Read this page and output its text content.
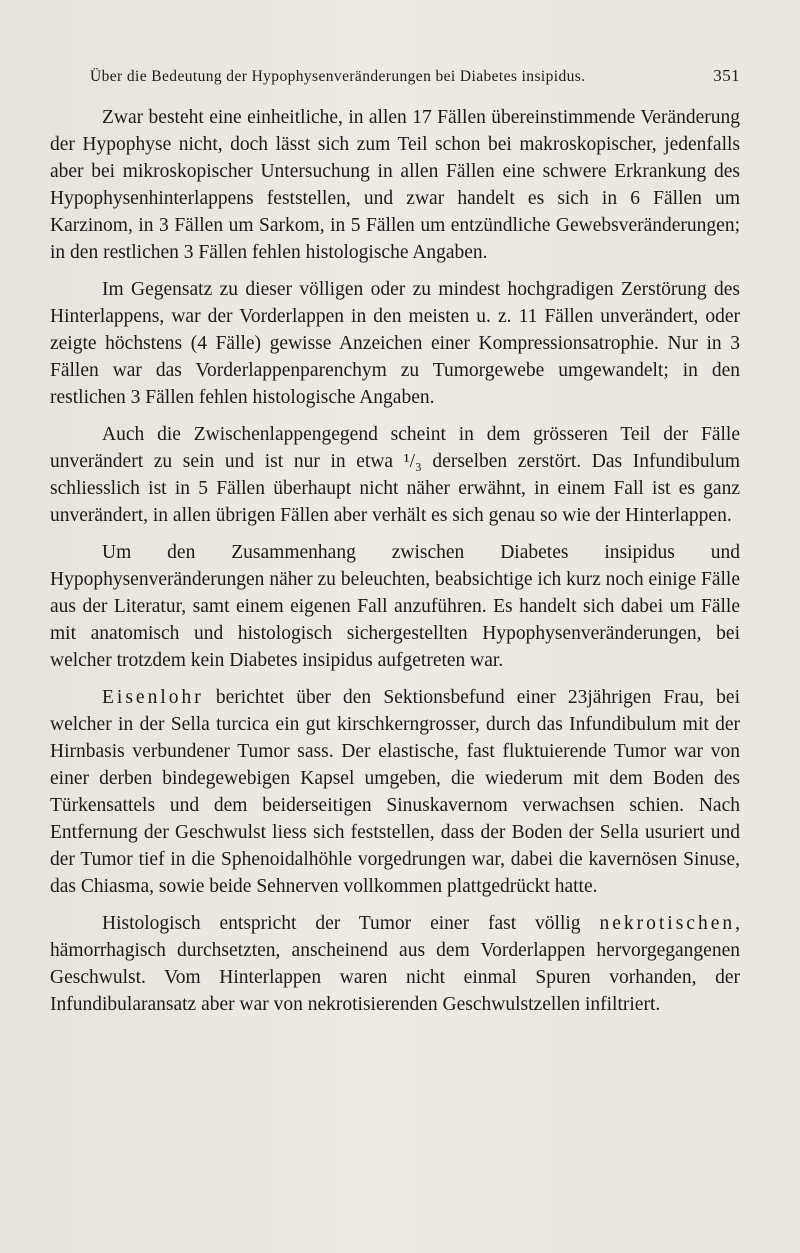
Über die Bedeutung der Hypophysenveränderungen bei Diabetes insipidus.	351

Zwar besteht eine einheitliche, in allen 17 Fällen übereinstimmende Veränderung der Hypophyse nicht, doch lässt sich zum Teil schon bei makroskopischer, jedenfalls aber bei mikroskopischer Untersuchung in allen Fällen eine schwere Erkrankung des Hypophysenhinterlappens feststellen, und zwar handelt es sich in 6 Fällen um Karzinom, in 3 Fällen um Sarkom, in 5 Fällen um entzündliche Gewebsveränderungen; in den restlichen 3 Fällen fehlen histologische Angaben.

Im Gegensatz zu dieser völligen oder zu mindest hochgradigen Zerstörung des Hinterlappens, war der Vorderlappen in den meisten u. z. 11 Fällen unverändert, oder zeigte höchstens (4 Fälle) gewisse Anzeichen einer Kompressionsatrophie. Nur in 3 Fällen war das Vorderlappenparenchym zu Tumorgewebe umgewandelt; in den restlichen 3 Fällen fehlen histologische Angaben.

Auch die Zwischenlappengegend scheint in dem grösseren Teil der Fälle unverändert zu sein und ist nur in etwa ¹/₃ derselben zerstört. Das Infundibulum schliesslich ist in 5 Fällen überhaupt nicht näher erwähnt, in einem Fall ist es ganz unverändert, in allen übrigen Fällen aber verhält es sich genau so wie der Hinterlappen.

Um den Zusammenhang zwischen Diabetes insipidus und Hypophysenveränderungen näher zu beleuchten, beabsichtige ich kurz noch einige Fälle aus der Literatur, samt einem eigenen Fall anzuführen. Es handelt sich dabei um Fälle mit anatomisch und histologisch sichergestellten Hypophysenveränderungen, bei welcher trotzdem kein Diabetes insipidus aufgetreten war.

Eisenlohr berichtet über den Sektionsbefund einer 23jährigen Frau, bei welcher in der Sella turcica ein gut kirschkerngrosser, durch das Infundibulum mit der Hirnbasis verbundener Tumor sass. Der elastische, fast fluktuierende Tumor war von einer derben bindegewebigen Kapsel umgeben, die wiederum mit dem Boden des Türkensattels und dem beiderseitigen Sinuskavernom verwachsen schien. Nach Entfernung der Geschwulst liess sich feststellen, dass der Boden der Sella usuriert und der Tumor tief in die Sphenoidalhöhle vorgedrungen war, dabei die kavernösen Sinuse, das Chiasma, sowie beide Sehnerven vollkommen plattgedrückt hatte.

Histologisch entspricht der Tumor einer fast völlig nekrotischen, hämorrhagisch durchsetzten, anscheinend aus dem Vorderlappen hervorgegangenen Geschwulst. Vom Hinterlappen waren nicht einmal Spuren vorhanden, der Infundibularansatz aber war von nekrotisierenden Geschwulstzellen infiltriert.
